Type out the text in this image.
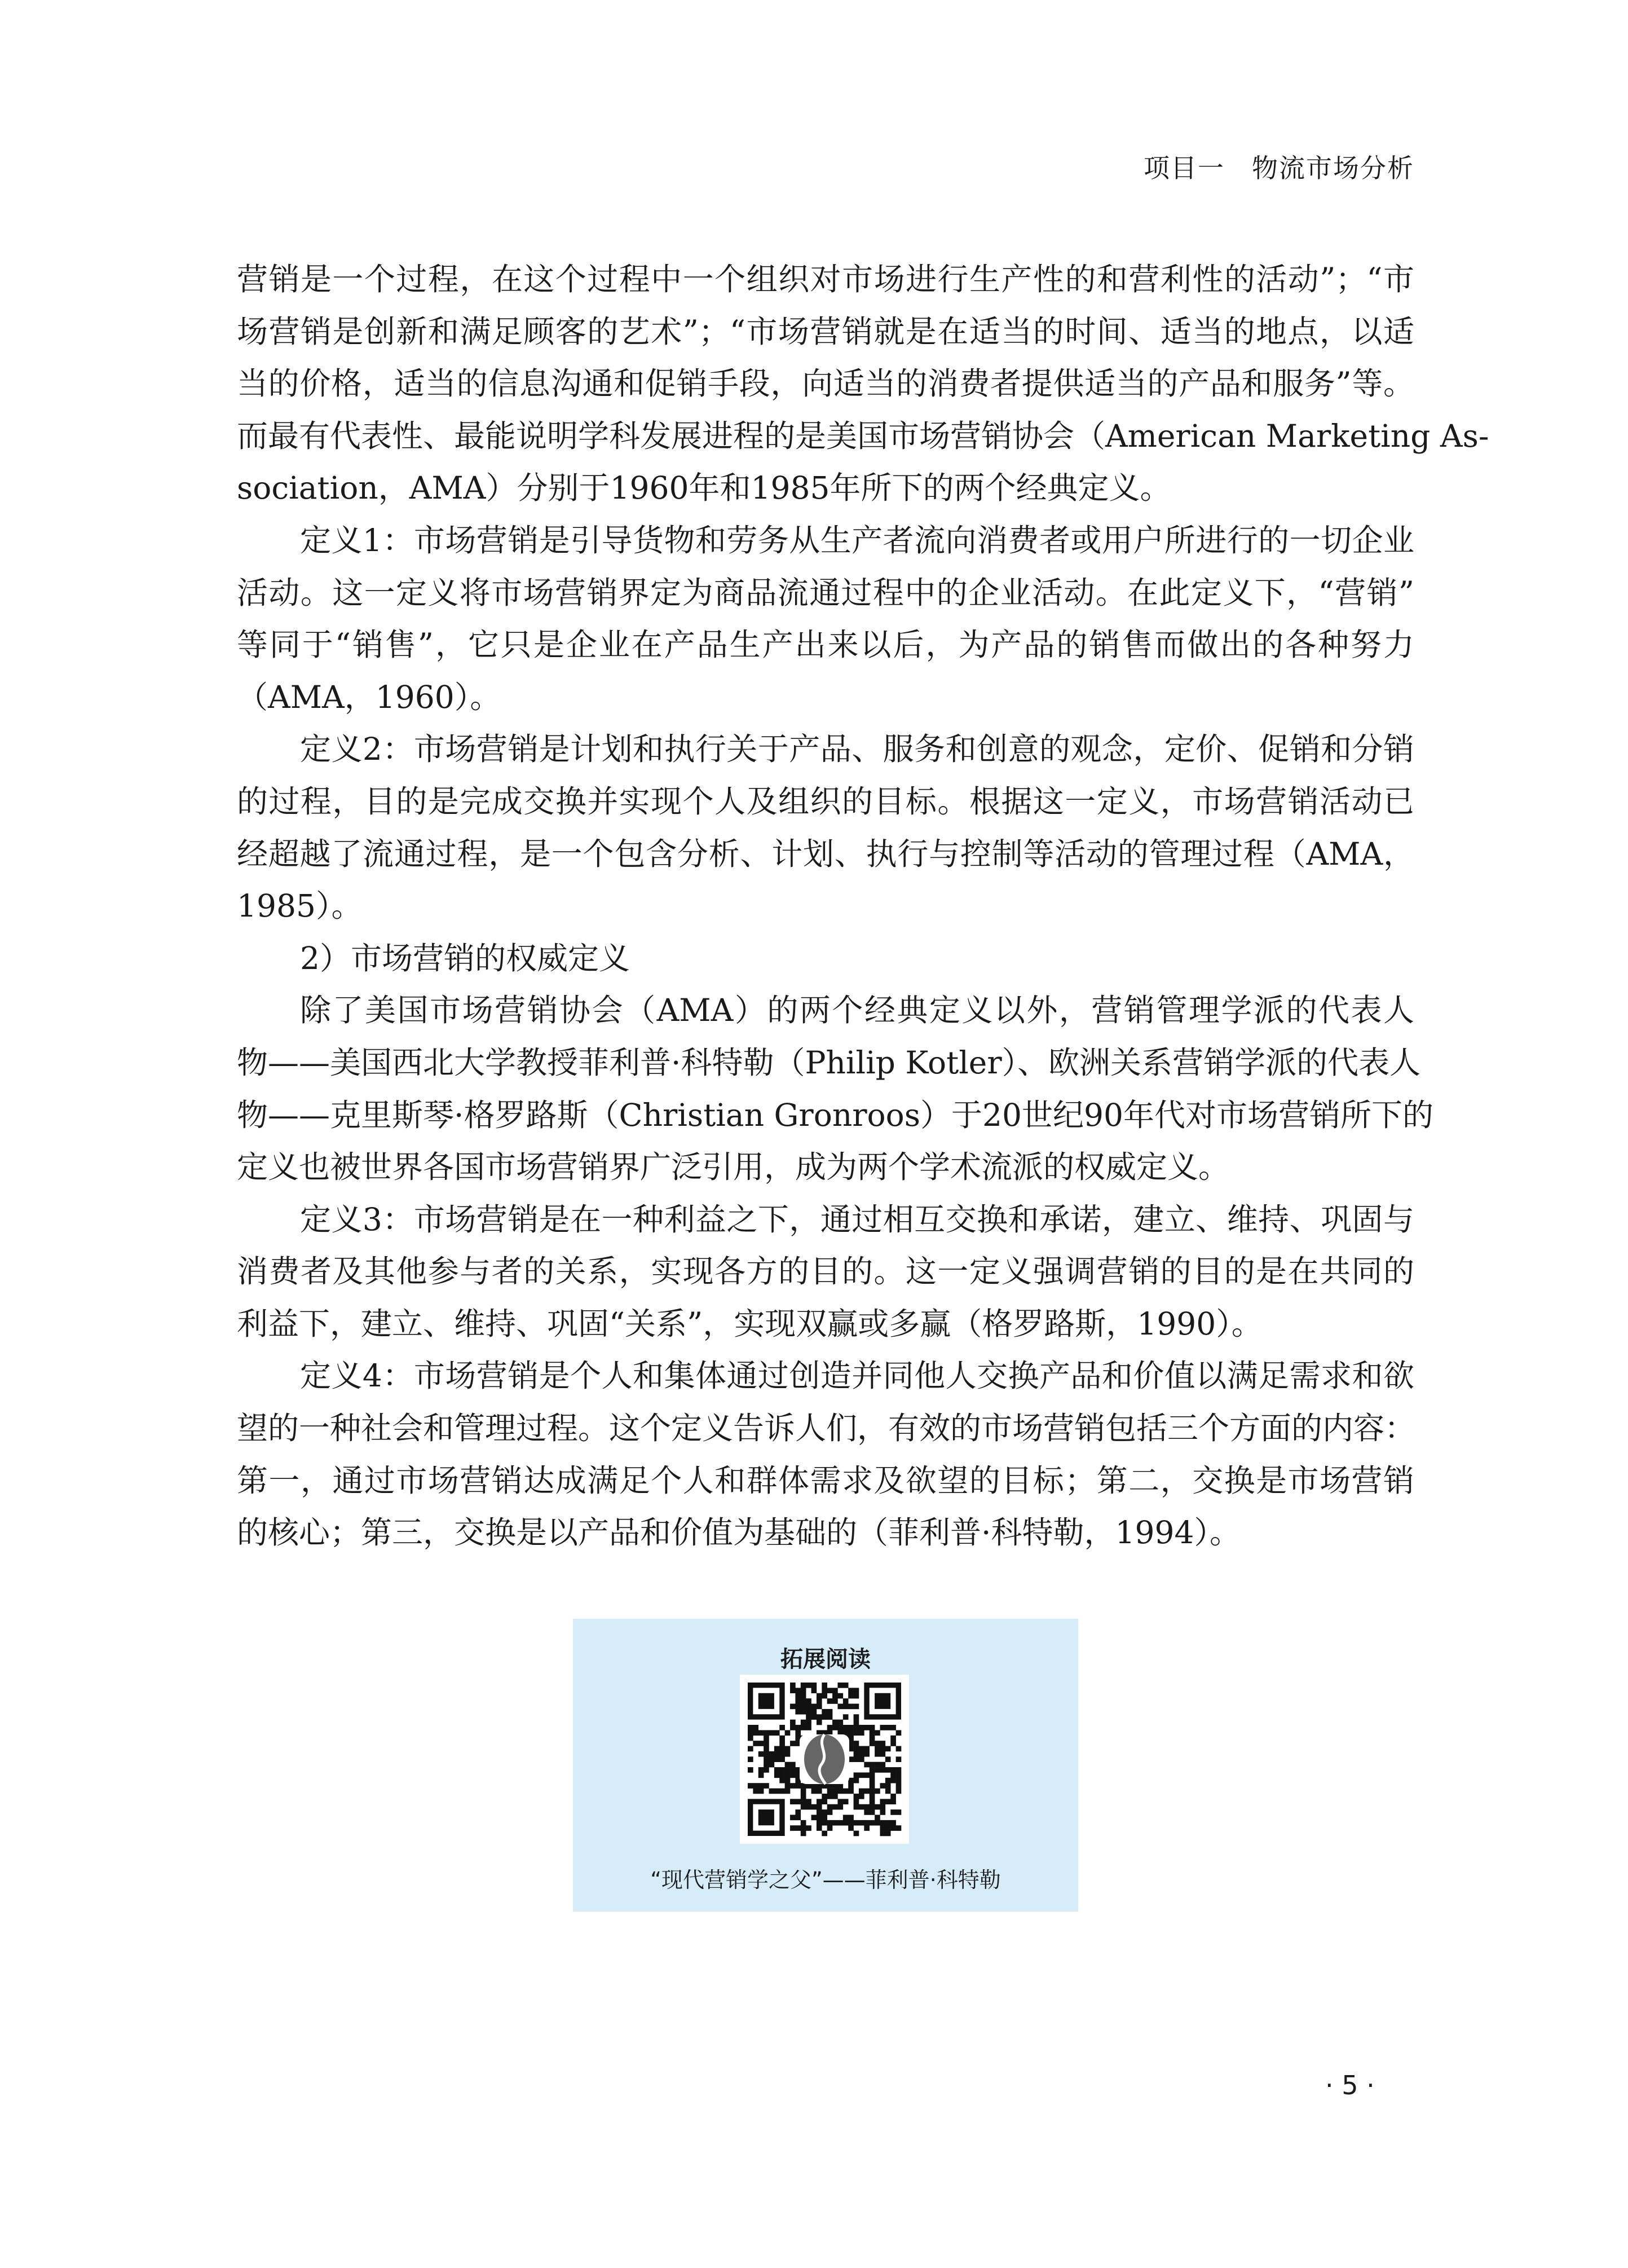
项目一　物流市场分析
营销是一个过程，在这个过程中一个组织对市场进行生产性的和营利性的活动”；“市
场营销是创新和满足顾客的艺术”；“市场营销就是在适当的时间、适当的地点，以适
当的价格，适当的信息沟通和促销手段，向适当的消费者提供适当的产品和服务”等。
而最有代表性、最能说明学科发展进程的是美国市场营销协会（American Marketing As-
sociation，AMA）分别于1960年和1985年所下的两个经典定义。
定义1：市场营销是引导货物和劳务从生产者流向消费者或用户所进行的一切企业
活动。这一定义将市场营销界定为商品流通过程中的企业活动。在此定义下，“营销”
等同于“销售”，它只是企业在产品生产出来以后，为产品的销售而做出的各种努力
（AMA，1960）。
定义2：市场营销是计划和执行关于产品、服务和创意的观念，定价、促销和分销
的过程，目的是完成交换并实现个人及组织的目标。根据这一定义，市场营销活动已
经超越了流通过程，是一个包含分析、计划、执行与控制等活动的管理过程（AMA，
1985）。
2）市场营销的权威定义
除了美国市场营销协会（AMA）的两个经典定义以外，营销管理学派的代表人
物——美国西北大学教授菲利普·科特勒（Philip Kotler）、欧洲关系营销学派的代表人
物——克里斯琴·格罗路斯（Christian Gronroos）于20世纪90年代对市场营销所下的
定义也被世界各国市场营销界广泛引用，成为两个学术流派的权威定义。
定义3：市场营销是在一种利益之下，通过相互交换和承诺，建立、维持、巩固与
消费者及其他参与者的关系，实现各方的目的。这一定义强调营销的目的是在共同的
利益下，建立、维持、巩固“关系”，实现双赢或多赢（格罗路斯，1990）。
定义4：市场营销是个人和集体通过创造并同他人交换产品和价值以满足需求和欲
望的一种社会和管理过程。这个定义告诉人们，有效的市场营销包括三个方面的内容：
第一，通过市场营销达成满足个人和群体需求及欲望的目标；第二，交换是市场营销
的核心；第三，交换是以产品和价值为基础的（菲利普·科特勒，1994）。
拓展阅读
“现代营销学之父”——菲利普·科特勒
· 5 ·
